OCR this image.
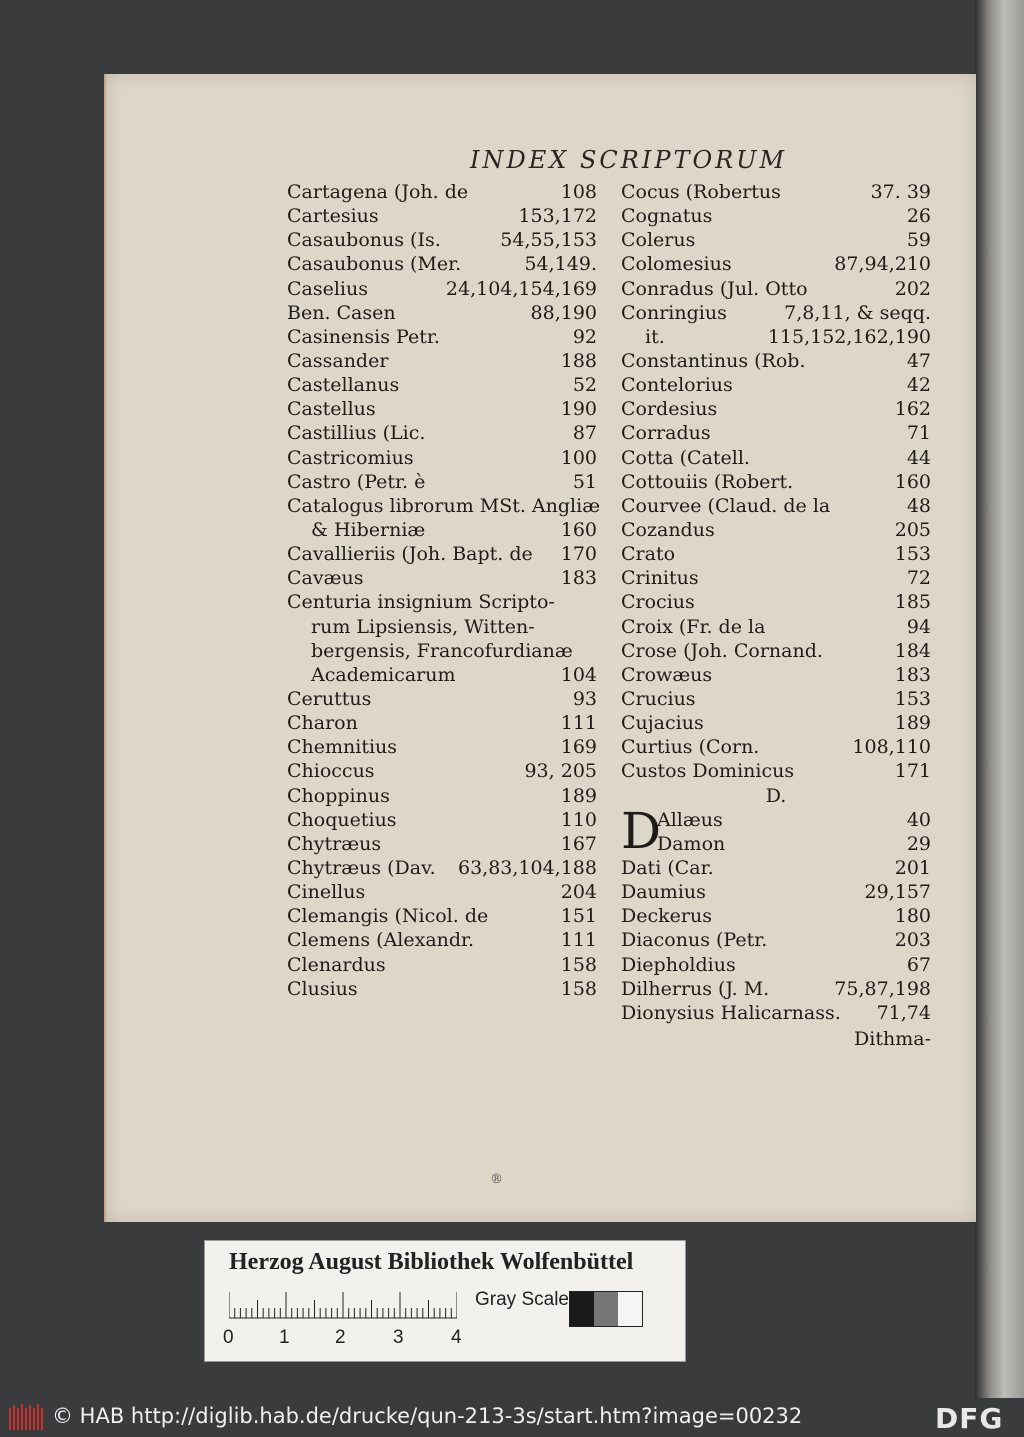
INDEX SCRIPTORUM
Cartagena (Joh. de	108
Cartesius	153,172
Casaubonus (Is.	54,55,153
Casaubonus (Mer.	54,149.
Caselius	24,104,154,169
Ben. Casen	88,190
Casinensis Petr.	92
Cassander	188
Castellanus	52
Castellus	190
Castillius (Lic.	87
Castricomius	100
Castro (Petr. è	51
Catalogus librorum MSt. Angliæ
& Hiberniæ	160
Cavallieriis (Joh. Bapt. de 170
Cavæus	183
Centuria insignium Scripto-
rum Lipsiensis, Witten-
bergensis, Francofurdianæ
Academicarum	104
Ceruttus	93
Charon	111
Chemnitius	169
Chioccus	93, 205
Choppinus	189
Choquetius	110
Chytræus	167
Chytræus (Dav. 63,83,104,188
Cinellus	204
Clemangis (Nicol. de	151
Clemens (Alexandr.	111
Clenardus	158
Clusius	158
Cocus (Robertus	37. 39
Cognatus	26
Colerus	59
Colomesius	87,94,210
Conradus (Jul. Otto	202
Conringius	7,8,11, & seqq.
it.	115,152,162,190
Constantinus (Rob.	47
Contelorius	42
Cordesius	162
Corradus	71
Cotta (Catell.	44
Cottouiis (Robert.	160
Courvee (Claud. de la	48
Cozandus	205
Crato	153
Crinitus	72
Crocius	185
Croix (Fr. de la	94
Crose (Joh. Cornand.	184
Crowæus	183
Crucius	153
Cujacius	189
Curtius (Corn.	108,110
Custos Dominicus	171
D.
Allæus	40
Damon	29
Dati (Car.	201
Daumius	29,157
Deckerus	180
Diaconus (Petr.	203
Diepholdius	67
Dilherrus (J. M.	75,87,198
Dionysius Halicarnass. 71,74
D
Dithma-
®
Herzog August Bibliothek Wolfenbüttel
0 1 2 3 4
Gray Scale
© HAB http://diglib.hab.de/drucke/qun-213-3s/start.htm?image=00232	DFG
